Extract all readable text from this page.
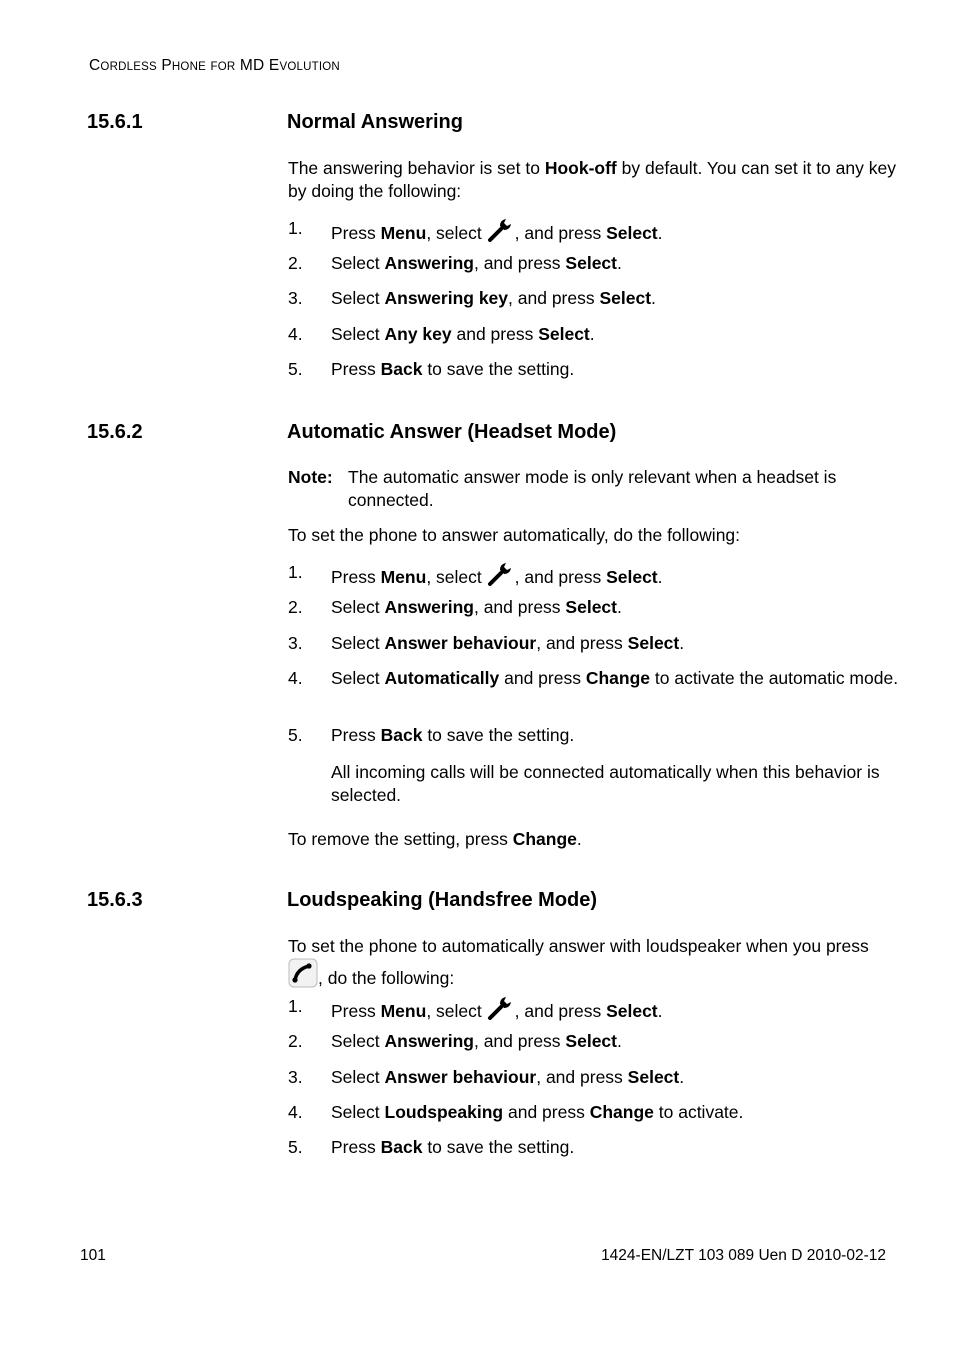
CORDLESS PHONE FOR MD EVOLUTION
15.6.1	Normal Answering
The answering behavior is set to Hook-off by default. You can set it to any key by doing the following:
1. Press Menu, select , and press Select.
2. Select Answering, and press Select.
3. Select Answering key, and press Select.
4. Select Any key and press Select.
5. Press Back to save the setting.
15.6.2	Automatic Answer (Headset Mode)
Note: The automatic answer mode is only relevant when a headset is connected.
To set the phone to answer automatically, do the following:
1. Press Menu, select , and press Select.
2. Select Answering, and press Select.
3. Select Answer behaviour, and press Select.
4. Select Automatically and press Change to activate the automatic mode.
5. Press Back to save the setting.
All incoming calls will be connected automatically when this behavior is selected.
To remove the setting, press Change.
15.6.3	Loudspeaking (Handsfree Mode)
To set the phone to automatically answer with loudspeaker when you press , do the following:
1. Press Menu, select , and press Select.
2. Select Answering, and press Select.
3. Select Answer behaviour, and press Select.
4. Select Loudspeaking and press Change to activate.
5. Press Back to save the setting.
101	1424-EN/LZT 103 089 Uen D 2010-02-12
